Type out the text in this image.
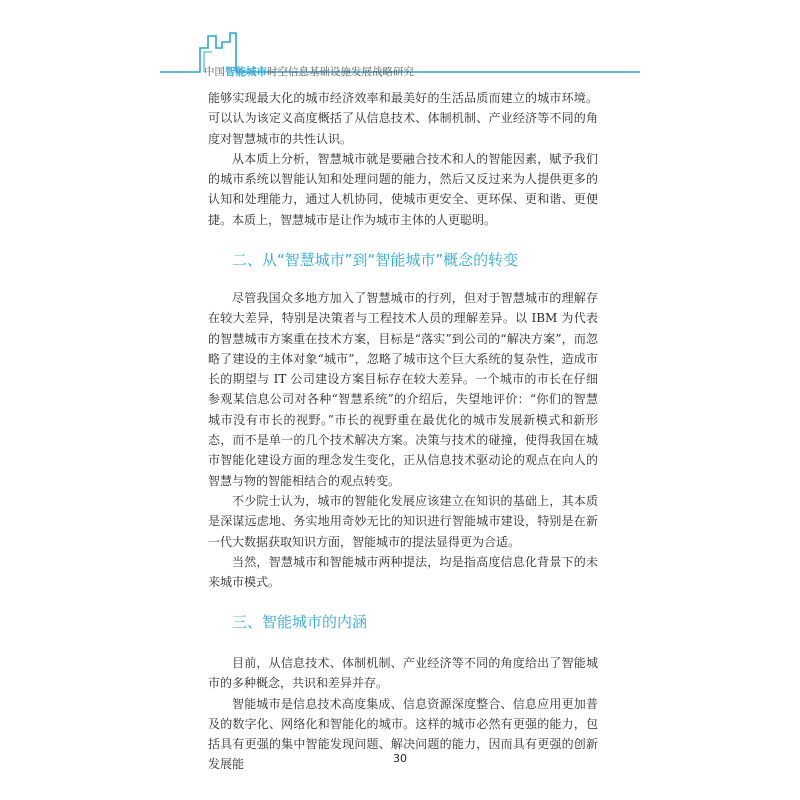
中国智能城市时空信息基础设施发展战略研究

能够实现最大化的城市经济效率和最美好的生活品质而建立的城市环境。可以认为该定义高度概括了从信息技术、体制机制、产业经济等不同的角度对智慧城市的共性认识。

从本质上分析，智慧城市就是要融合技术和人的智能因素，赋予我们的城市系统以智能认知和处理问题的能力，然后又反过来为人提供更多的认知和处理能力，通过人机协同，使城市更安全、更环保、更和谐、更便捷。本质上，智慧城市是让作为城市主体的人更聪明。

二、从“智慧城市”到“智能城市”概念的转变

尽管我国众多地方加入了智慧城市的行列，但对于智慧城市的理解存在较大差异，特别是决策者与工程技术人员的理解差异。以 IBM 为代表的智慧城市方案重在技术方案，目标是“落实”到公司的“解决方案”，而忽略了建设的主体对象“城市”，忽略了城市这个巨大系统的复杂性，造成市长的期望与 IT 公司建设方案目标存在较大差异。一个城市的市长在仔细参观某信息公司对各种“智慧系统”的介绍后，失望地评价：“你们的智慧城市没有市长的视野。”市长的视野重在最优化的城市发展新模式和新形态，而不是单一的几个技术解决方案。决策与技术的碰撞，使得我国在城市智能化建设方面的理念发生变化，正从信息技术驱动论的观点在向人的智慧与物的智能相结合的观点转变。

不少院士认为，城市的智能化发展应该建立在知识的基础上，其本质是深谋远虑地、务实地用奇妙无比的知识进行智能城市建设，特别是在新一代大数据获取知识方面，智能城市的提法显得更为合适。

当然，智慧城市和智能城市两种提法，均是指高度信息化背景下的未来城市模式。

三、智能城市的内涵

目前，从信息技术、体制机制、产业经济等不同的角度给出了智能城市的多种概念，共识和差异并存。

智能城市是信息技术高度集成、信息资源深度整合、信息应用更加普及的数字化、网络化和智能化的城市。这样的城市必然有更强的能力，包括具有更强的集中智能发现问题、解决问题的能力，因而具有更强的创新发展能	30
